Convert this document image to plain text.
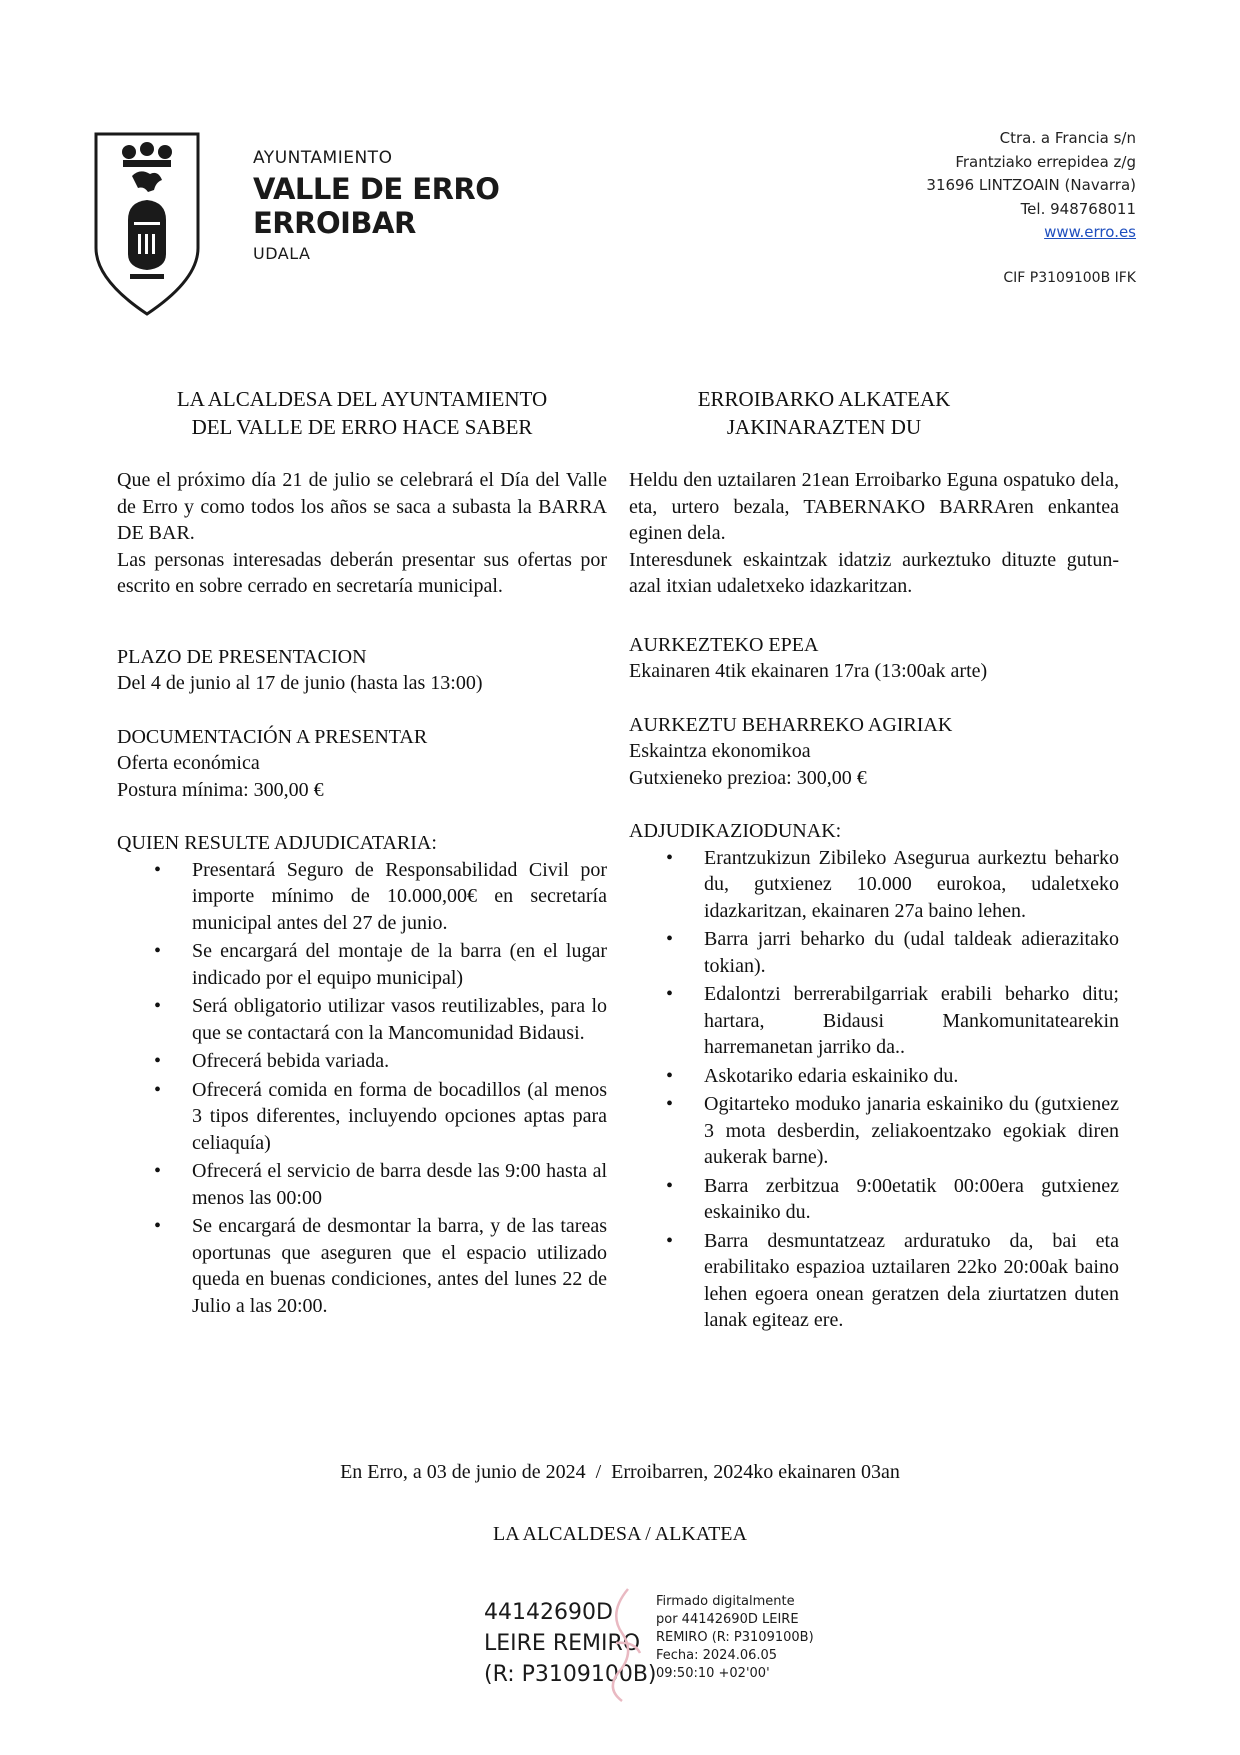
AYUNTAMIENTO
VALLE DE ERRO
ERROIBAR
UDALA
Ctra. a Francia s/n
Frantziako errepidea z/g
31696 LINTZOAIN (Navarra)
Tel. 948768011
www.erro.es
CIF P3109100B IFK
LA ALCALDESA DEL AYUNTAMIENTO
DEL VALLE DE ERRO HACE SABER
Que el próximo día 21 de julio se celebrará el Día del Valle de Erro y como todos los años se saca a subasta la BARRA DE BAR.
Las personas interesadas deberán presentar sus ofertas por escrito en sobre cerrado en secretaría municipal.
PLAZO DE PRESENTACION
Del 4 de junio al 17 de junio (hasta las 13:00)
DOCUMENTACIÓN A PRESENTAR
Oferta económica
Postura mínima: 300,00 €
QUIEN RESULTE ADJUDICATARIA:
• Presentará Seguro de Responsabilidad Civil por importe mínimo de 10.000,00€ en secretaría municipal antes del 27 de junio.
• Se encargará del montaje de la barra (en el lugar indicado por el equipo municipal)
• Será obligatorio utilizar vasos reutilizables, para lo que se contactará con la Mancomunidad Bidausi.
• Ofrecerá bebida variada.
• Ofrecerá comida en forma de bocadillos (al menos 3 tipos diferentes, incluyendo opciones aptas para celiaquía)
• Ofrecerá el servicio de barra desde las 9:00 hasta al menos las 00:00
• Se encargará de desmontar la barra, y de las tareas oportunas que aseguren que el espacio utilizado queda en buenas condiciones, antes del lunes 22 de Julio a las 20:00.
ERROIBARKO ALKATEAK
JAKINARAZTEN DU
Heldu den uztailaren 21ean Erroibarko Eguna ospatuko dela, eta, urtero bezala, TABERNAKO BARRAren enkantea eginen dela.
Interesdunek eskaintzak idatziz aurkeztuko dituzte gutun-azal itxian udaletxeko idazkaritzan.
AURKEZTEKO EPEA
Ekainaren 4tik ekainaren 17ra (13:00ak arte)
AURKEZTU BEHARREKO AGIRIAK
Eskaintza ekonomikoa
Gutxieneko prezioa: 300,00 €
ADJUDIKAZIODUNAK:
• Erantzukizun Zibileko Asegurua aurkeztu beharko du, gutxienez 10.000 eurokoa, udaletxeko idazkaritzan, ekainaren 27a baino lehen.
• Barra jarri beharko du (udal taldeak adierazitako tokian).
• Edalontzi berrerabilgarriak erabili beharko ditu; hartara, Bidausi Mankomunitatearekin harremanetan jarriko da..
• Askotariko edaria eskainiko du.
• Ogitarteko moduko janaria eskainiko du (gutxienez 3 mota desberdin, zeliakoentzako egokiak diren aukerak barne).
• Barra zerbitzua 9:00etatik 00:00era gutxienez eskainiko du.
• Barra desmuntatzeaz arduratuko da, bai eta erabilitako espazioa uztailaren 22ko 20:00ak baino lehen egoera onean geratzen dela ziurtatzen duten lanak egiteaz ere.
En Erro, a 03 de junio de 2024  /  Erroibarren, 2024ko ekainaren 03an
LA ALCALDESA / ALKATEA
44142690D
LEIRE REMIRO
(R: P3109100B)
Firmado digitalmente
por 44142690D LEIRE
REMIRO (R: P3109100B)
Fecha: 2024.06.05
09:50:10 +02'00'
